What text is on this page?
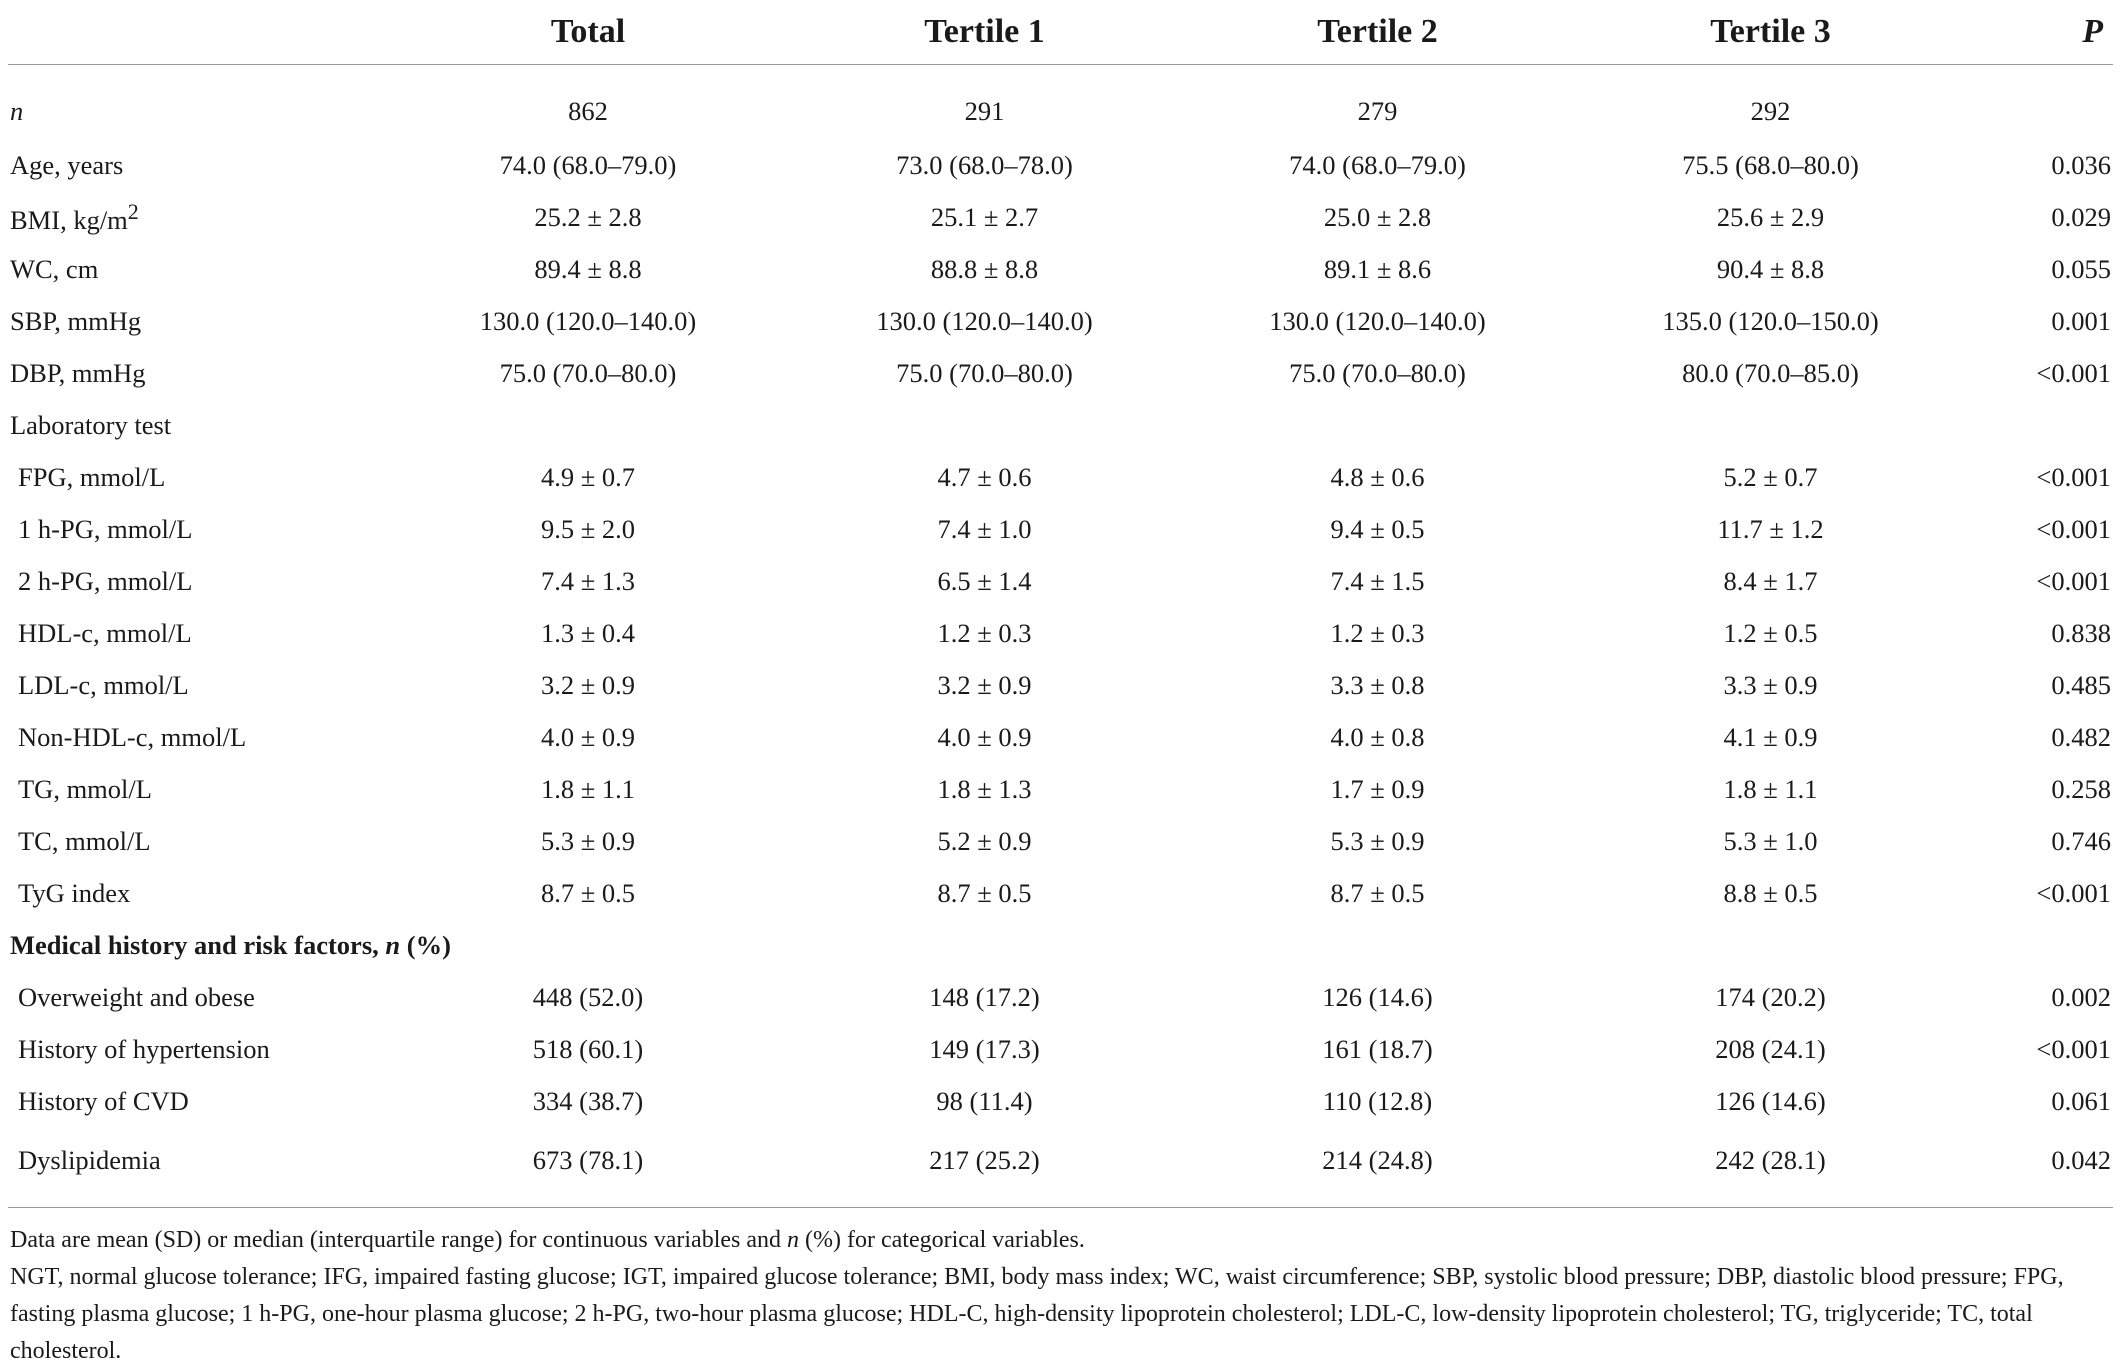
	Total	Tertile 1	Tertile 2	Tertile 3	P
n	862	291	279	292	
Age, years	74.0 (68.0–79.0)	73.0 (68.0–78.0)	74.0 (68.0–79.0)	75.5 (68.0–80.0)	0.036
BMI, $kg/m^2$	25.2 ± 2.8	25.1 ± 2.7	25.0 ± 2.8	25.6 ± 2.9	0.029
WC, cm	89.4 ± 8.8	88.8 ± 8.8	89.1 ± 8.6	90.4 ± 8.8	0.055
SBP, mmHg	130.0 (120.0–140.0)	130.0 (120.0–140.0)	130.0 (120.0–140.0)	135.0 (120.0–150.0)	0.001
DBP, mmHg	75.0 (70.0–80.0)	75.0 (70.0–80.0)	75.0 (70.0–80.0)	80.0 (70.0–85.0)	<0.001
Laboratory test					
FPG, mmol/L	4.9 ± 0.7	4.7 ± 0.6	4.8 ± 0.6	5.2 ± 0.7	<0.001
1 h-PG, mmol/L	9.5 ± 2.0	7.4 ± 1.0	9.4 ± 0.5	11.7 ± 1.2	<0.001
2 h-PG, mmol/L	7.4 ± 1.3	6.5 ± 1.4	7.4 ± 1.5	8.4 ± 1.7	<0.001
HDL-c, mmol/L	1.3 ± 0.4	1.2 ± 0.3	1.2 ± 0.3	1.2 ± 0.5	0.838
LDL-c, mmol/L	3.2 ± 0.9	3.2 ± 0.9	3.3 ± 0.8	3.3 ± 0.9	0.485
Non-HDL-c, mmol/L	4.0 ± 0.9	4.0 ± 0.9	4.0 ± 0.8	4.1 ± 0.9	0.482
TG, mmol/L	1.8 ± 1.1	1.8 ± 1.3	1.7 ± 0.9	1.8 ± 1.1	0.258
TC, mmol/L	5.3 ± 0.9	5.2 ± 0.9	5.3 ± 0.9	5.3 ± 1.0	0.746
TyG index	8.7 ± 0.5	8.7 ± 0.5	8.7 ± 0.5	8.8 ± 0.5	<0.001
Medical history and risk factors, n (%)					
Overweight and obese	448 (52.0)	148 (17.2)	126 (14.6)	174 (20.2)	0.002
History of hypertension	518 (60.1)	149 (17.3)	161 (18.7)	208 (24.1)	<0.001
History of CVD	334 (38.7)	98 (11.4)	110 (12.8)	126 (14.6)	0.061
Dyslipidemia	673 (78.1)	217 (25.2)	214 (24.8)	242 (28.1)	0.042

Data are mean (SD) or median (interquartile range) for continuous variables and n (%) for categorical variables.

NGT, normal glucose tolerance; IFG, impaired fasting glucose; IGT, impaired glucose tolerance; BMI, body mass index; WC, waist circumference; SBP, systolic blood pressure; DBP, diastolic blood pressure; FPG, fasting plasma glucose; 1 h-PG, one-hour plasma glucose; 2 h-PG, two-hour plasma glucose; HDL-C, high-density lipoprotein cholesterol; LDL-C, low-density lipoprotein cholesterol; TG, triglyceride; TC, total cholesterol.
